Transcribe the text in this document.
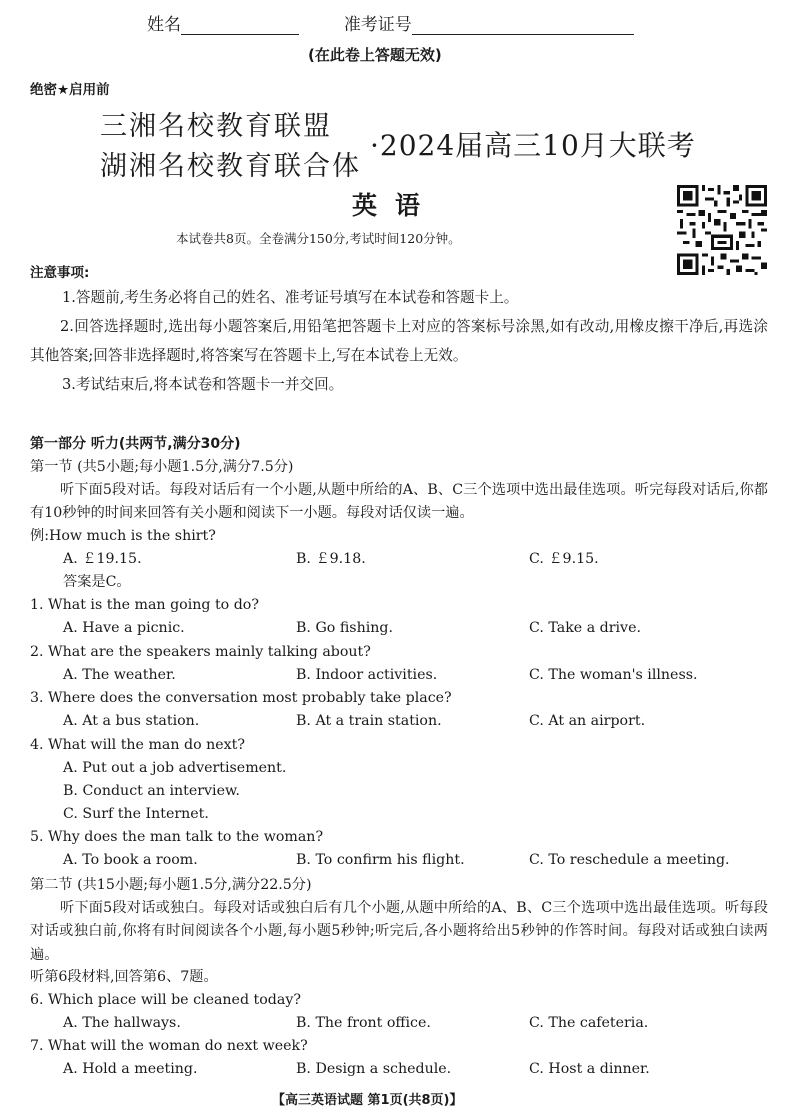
姓名	准考证号
(在此卷上答题无效)
绝密★启用前
三湘名校教育联盟
湖湘名校教育联合体
·2024届高三10月大联考
英语
本试卷共8页。全卷满分150分,考试时间120分钟。
注意事项:
1.答题前,考生务必将自己的姓名、准考证号填写在本试卷和答题卡上。
2.回答选择题时,选出每小题答案后,用铅笔把答题卡上对应的答案标号涂黑,如有改动,用橡皮擦干净后,再选涂其他答案;回答非选择题时,将答案写在答题卡上,写在本试卷上无效。
3.考试结束后,将本试卷和答题卡一并交回。
第一部分 听力(共两节,满分30分)
第一节 (共5小题;每小题1.5分,满分7.5分)
听下面5段对话。每段对话后有一个小题,从题中所给的A、B、C三个选项中选出最佳选项。听完每段对话后,你都有10秒钟的时间来回答有关小题和阅读下一小题。每段对话仅读一遍。
例:How much is the shirt?
A. ￡19.15.	B. ￡9.18.	C. ￡9.15.
答案是C。
1. What is the man going to do?
A. Have a picnic.	B. Go fishing.	C. Take a drive.
2. What are the speakers mainly talking about?
A. The weather.	B. Indoor activities.	C. The woman's illness.
3. Where does the conversation most probably take place?
A. At a bus station.	B. At a train station.	C. At an airport.
4. What will the man do next?
A. Put out a job advertisement.
B. Conduct an interview.
C. Surf the Internet.
5. Why does the man talk to the woman?
A. To book a room.	B. To confirm his flight.	C. To reschedule a meeting.
第二节 (共15小题;每小题1.5分,满分22.5分)
听下面5段对话或独白。每段对话或独白后有几个小题,从题中所给的A、B、C三个选项中选出最佳选项。听每段对话或独白前,你将有时间阅读各个小题,每小题5秒钟;听完后,各小题将给出5秒钟的作答时间。每段对话或独白读两遍。
听第6段材料,回答第6、7题。
6. Which place will be cleaned today?
A. The hallways.	B. The front office.	C. The cafeteria.
7. What will the woman do next week?
A. Hold a meeting.	B. Design a schedule.	C. Host a dinner.
【高三英语试题 第1页(共8页)】
